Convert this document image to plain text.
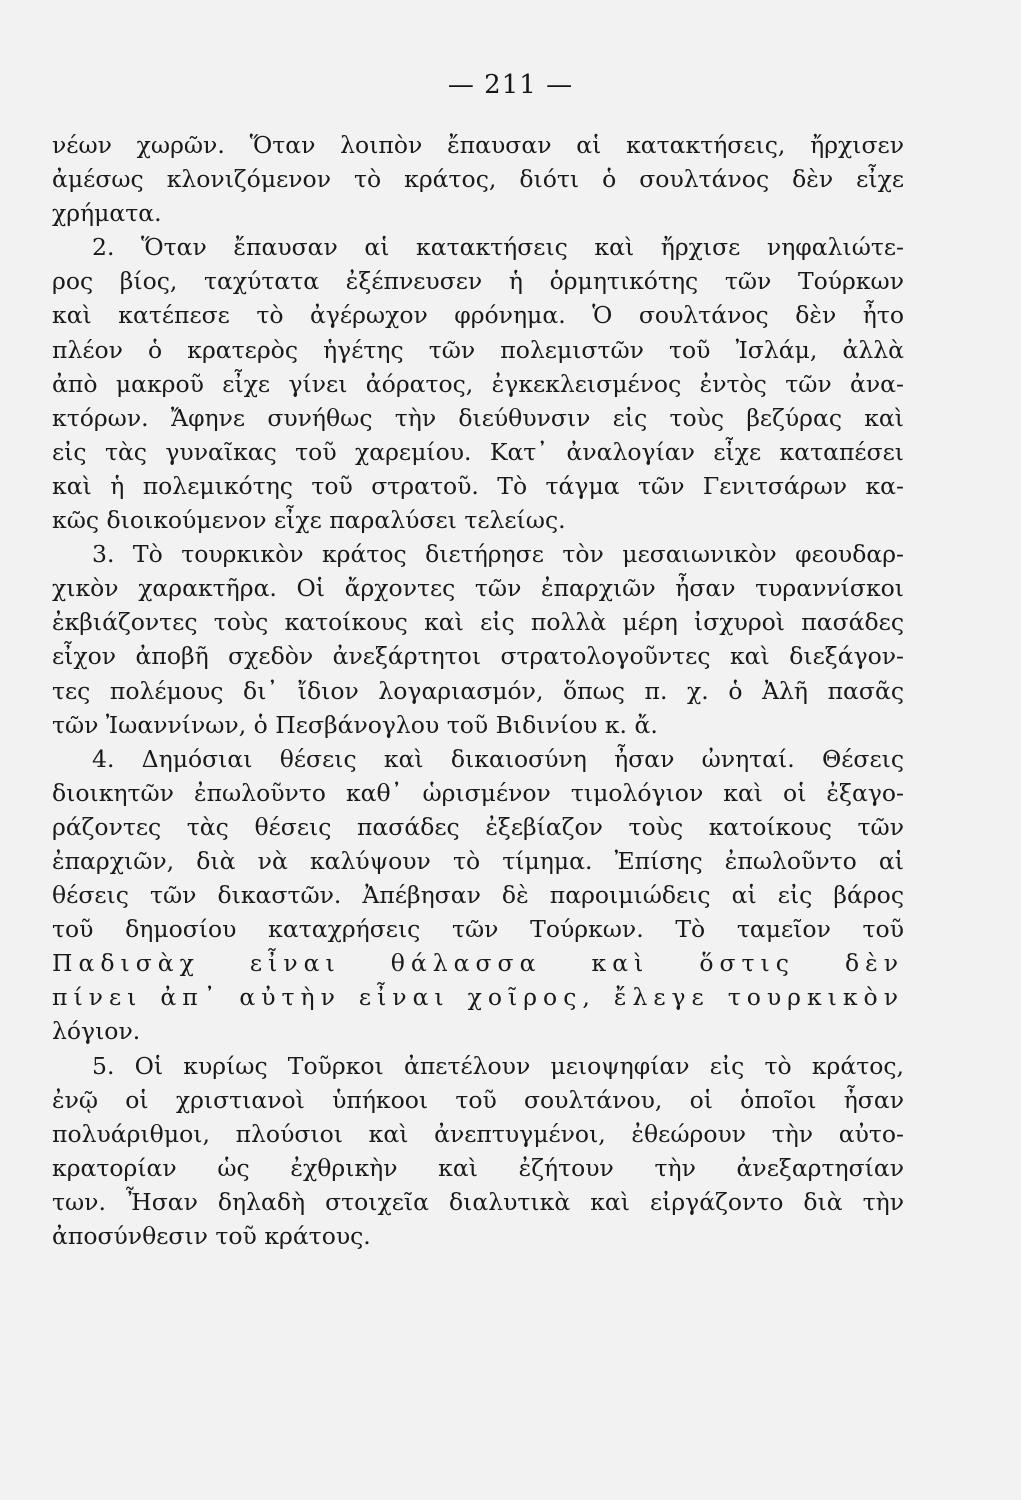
— 211 —
νέων χωρῶν. Ὅταν λοιπὸν ἔπαυσαν αἱ κατακτήσεις, ἤρχισεν
ἀμέσως κλονιζόμενον τὸ κράτος, διότι ὁ σουλτάνος δὲν εἶχε
χρήματα.
2. Ὅταν ἔπαυσαν αἱ κατακτήσεις καὶ ἤρχισε νηφαλιώτε-
ρος βίος, ταχύτατα ἐξέπνευσεν ἡ ὁρμητικότης τῶν Τούρκων
καὶ κατέπεσε τὸ ἀγέρωχον φρόνημα. Ὁ σουλτάνος δὲν ἦτο
πλέον ὁ κρατερὸς ἡγέτης τῶν πολεμιστῶν τοῦ Ἰσλάμ, ἀλλὰ
ἀπὸ μακροῦ εἶχε γίνει ἀόρατος, ἐγκεκλεισμένος ἐντὸς τῶν ἀνα-
κτόρων. Ἄφηνε συνήθως τὴν διεύθυνσιν εἰς τοὺς βεζύρας καὶ
εἰς τὰς γυναῖκας τοῦ χαρεμίου. Κατ᾽ ἀναλογίαν εἶχε καταπέσει
καὶ ἡ πολεμικότης τοῦ στρατοῦ. Τὸ τάγμα τῶν Γενιτσάρων κα-
κῶς διοικούμενον εἶχε παραλύσει τελείως.
3. Τὸ τουρκικὸν κράτος διετήρησε τὸν μεσαιωνικὸν φεουδαρ-
χικὸν χαρακτῆρα. Οἱ ἄρχοντες τῶν ἐπαρχιῶν ἦσαν τυραννίσκοι
ἐκβιάζοντες τοὺς κατοίκους καὶ εἰς πολλὰ μέρη ἰσχυροὶ πασάδες
εἶχον ἀποβῆ σχεδὸν ἀνεξάρτητοι στρατολογοῦντες καὶ διεξάγον-
τες πολέμους δι᾽ ἴδιον λογαριασμόν, ὅπως π. χ. ὁ Ἀλῆ πασᾶς
τῶν Ἰωαννίνων, ὁ Πεσβάνογλου τοῦ Βιδινίου κ. ἄ.
4. Δημόσιαι θέσεις καὶ δικαιοσύνη ἦσαν ὠνηταί. Θέσεις
διοικητῶν ἐπωλοῦντο καθ᾽ ὡρισμένον τιμολόγιον καὶ οἱ ἐξαγο-
ράζοντες τὰς θέσεις πασάδες ἐξεβίαζον τοὺς κατοίκους τῶν
ἐπαρχιῶν, διὰ νὰ καλύψουν τὸ τίμημα. Ἐπίσης ἐπωλοῦντο αἱ
θέσεις τῶν δικαστῶν. Ἀπέβησαν δὲ παροιμιώδεις αἱ εἰς βάρος
τοῦ δημοσίου καταχρήσεις τῶν Τούρκων. Τὸ ταμεῖον τοῦ
Παδισὰχ εἶναι θάλασσα καὶ ὅστις δὲν
πίνει ἀπ᾽ αὐτὴν εἶναι χοῖρος, ἔλεγε τουρκικὸν
λόγιον.
5. Οἱ κυρίως Τοῦρκοι ἀπετέλουν μειοψηφίαν εἰς τὸ κράτος,
ἐνῷ οἱ χριστιανοὶ ὑπήκοοι τοῦ σουλτάνου, οἱ ὁποῖοι ἦσαν
πολυάριθμοι, πλούσιοι καὶ ἀνεπτυγμένοι, ἐθεώρουν τὴν αὐτο-
κρατορίαν ὡς ἐχθρικὴν καὶ ἐζήτουν τὴν ἀνεξαρτησίαν
των. Ἦσαν δηλαδὴ στοιχεῖα διαλυτικὰ καὶ εἰργάζοντο διὰ τὴν
ἀποσύνθεσιν τοῦ κράτους.
